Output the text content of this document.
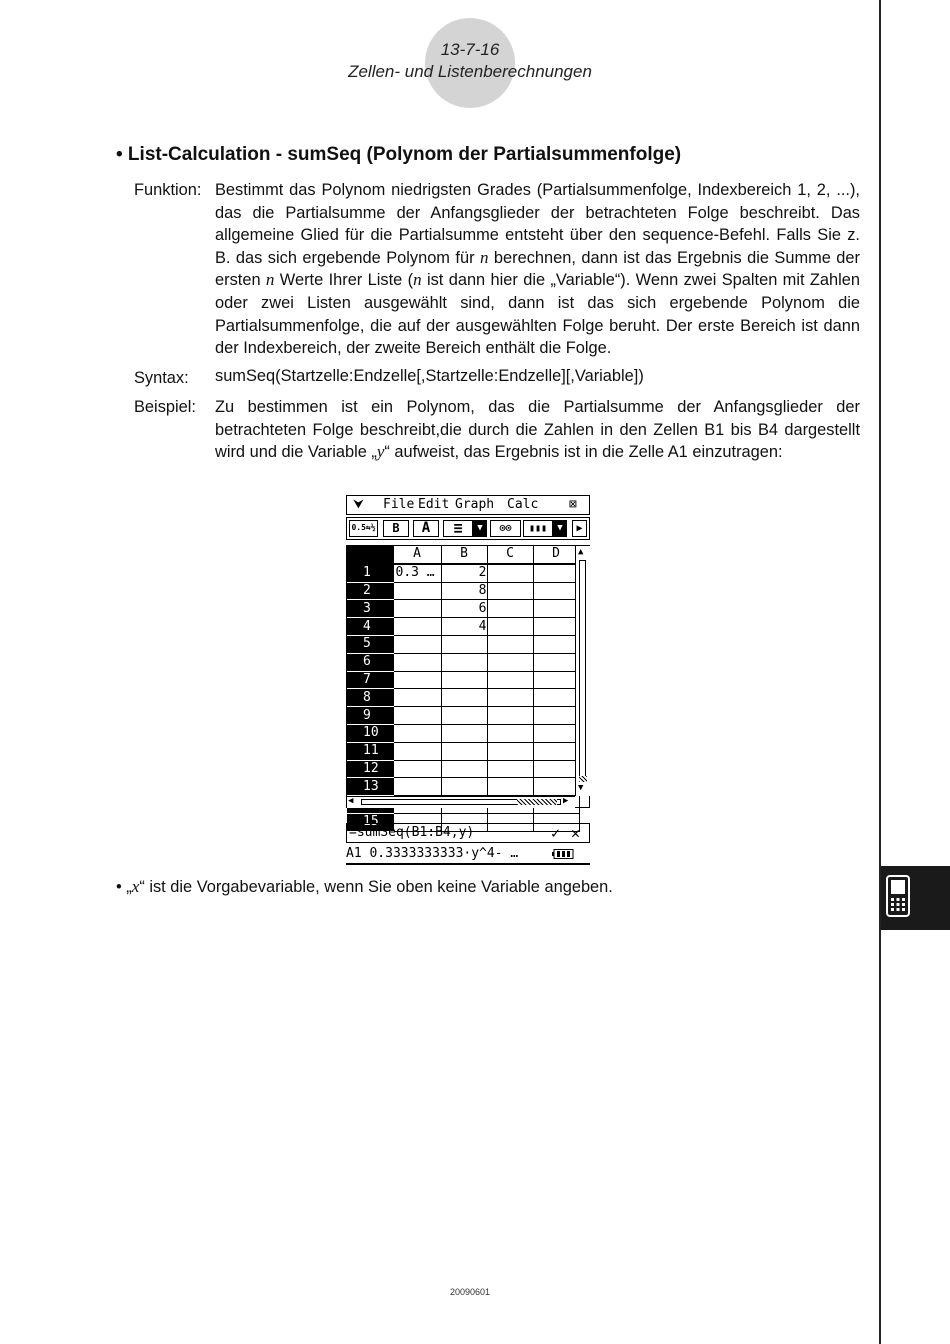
13-7-16
Zellen- und Listenberechnungen
• List-Calculation - sumSeq (Polynom der Partialsummenfolge)
Funktion: Bestimmt das Polynom niedrigsten Grades (Partialsummenfolge, Indexbereich 1, 2, ...), das die Partialsumme der Anfangsglieder der betrachteten Folge beschreibt. Das allgemeine Glied für die Partialsumme entsteht über den sequence-Befehl. Falls Sie z. B. das sich ergebende Polynom für n berechnen, dann ist das Ergebnis die Summe der ersten n Werte Ihrer Liste (n ist dann hier die „Variable“). Wenn zwei Spalten mit Zahlen oder zwei Listen ausgewählt sind, dann ist das sich ergebende Polynom die Partialsummenfolge, die auf der ausgewählten Folge beruht. Der erste Bereich ist dann der Indexbereich, der zweite Bereich enthält die Folge.
Syntax: sumSeq(Startzelle:Endzelle[,Startzelle:Endzelle][,Variable])
Beispiel: Zu bestimmen ist ein Polynom, das die Partialsumme der Anfangsglieder der betrachteten Folge beschreibt,die durch die Zahlen in den Zellen B1 bis B4 dargestellt wird und die Variable „y“ aufweist, das Ergebnis ist in die Zelle A1 einzutragen:
⮟ File Edit Graph Calc ⊠
0.5⇆½	B	A	≡	▼	⊙⊙	▮▮▮	▼	▶
	A	B	C	D
1	0.3 …	2		
2		8		
3		6		
4		4		
5				
6				
7				
8				
9				
10				
11				
12				
13				

15				
▲
▼
◀	▶
=sumSeq(B1:B4,y)	✓ ✕
A1 0.3333333333·y^4- …
• „x“ ist die Vorgabevariable, wenn Sie oben keine Variable angeben.
20090601
